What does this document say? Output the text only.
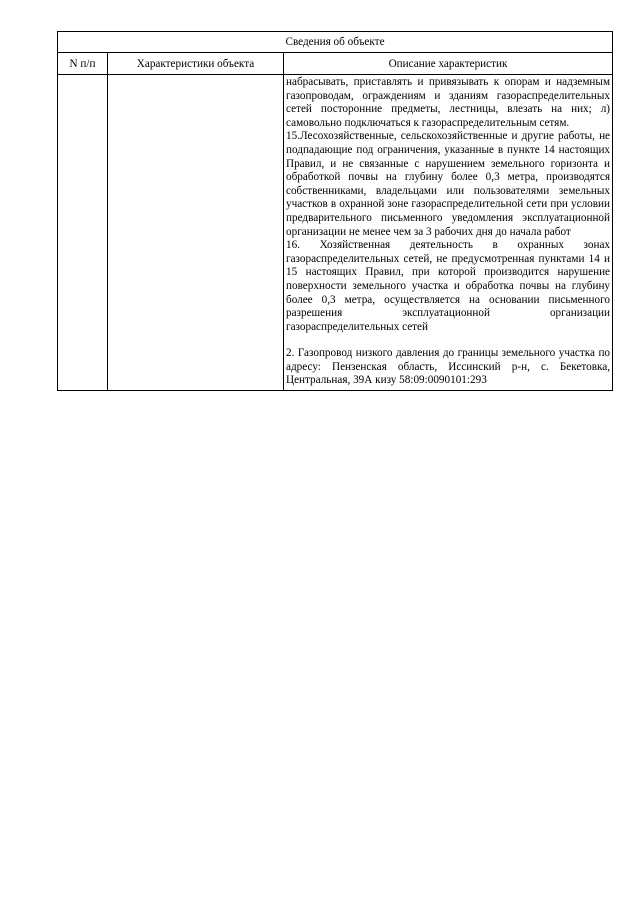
Сведения об объекте		
N п/п	Характеристики объекта	Описание характеристик

		набрасывать, приставлять и привязывать к опорам и надземным газопроводам, ограждениям и зданиям газораспределительных сетей посторонние предметы, лестницы, влезать на них; л) самовольно подключаться к газораспределительным сетям.

15.Лесохозяйственные, сельскохозяйственные и другие работы, не подпадающие под ограничения, указанные в пункте 14 настоящих Правил, и не связанные с нарушением земельного горизонта и обработкой почвы на глубину более 0,3 метра, производятся собственниками, владельцами или пользователями земельных участков в охранной зоне газораспределительной сети при условии предварительного письменного уведомления эксплуатационной организации не менее чем за 3 рабочих дня до начала работ

16. Хозяйственная деятельность в охранных зонах газораспределительных сетей, не предусмотренная пунктами 14 и 15 настоящих Правил, при которой производится нарушение поверхности земельного участка и обработка почвы на глубину более 0,3 метра, осуществляется на основании письменного разрешения эксплуатационной организации газораспределительных сетей

2. Газопровод низкого давления до границы земельного участка по адресу: Пензенская область, Иссинский р-н, с. Бекетовка, Центральная, 39А кизу 58:09:0090101:293
